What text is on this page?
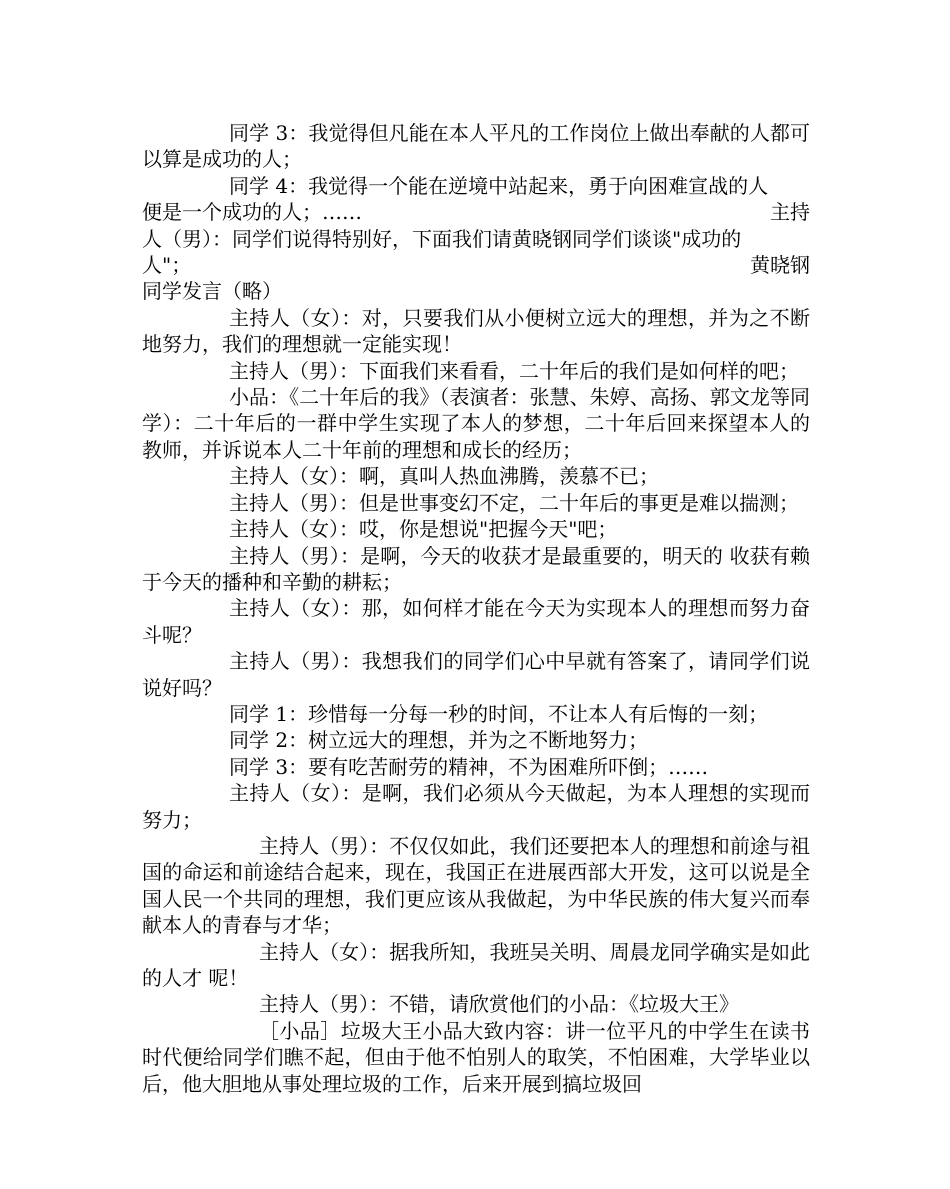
同学 3：我觉得但凡能在本人平凡的工作岗位上做出奉献的人都可以算是成功的人；

同学 4：我觉得一个能在逆境中站起来，勇于向困难宣战的人

便是一个成功的人；……	主持

人（男）：同学们说得特别好，下面我们请黄晓钢同学们谈谈"成功的

人"；	黄晓钢

同学发言（略）

主持人（女）：对，只要我们从小便树立远大的理想，并为之不断地努力，我们的理想就一定能实现！

主持人（男）：下面我们来看看，二十年后的我们是如何样的吧；

小品：《二十年后的我》（表演者：张慧、朱婷、高扬、郭文龙等同学）：二十年后的一群中学生实现了本人的梦想，二十年后回来探望本人的教师，并诉说本人二十年前的理想和成长的经历；

主持人（女）：啊，真叫人热血沸腾，羡慕不已；

主持人（男）：但是世事变幻不定，二十年后的事更是难以揣测；

主持人（女）：哎，你是想说"把握今天"吧；

主持人（男）：是啊，今天的收获才是最重要的，明天的 收获有赖于今天的播种和辛勤的耕耘；

主持人（女）：那，如何样才能在今天为实现本人的理想而努力奋斗呢？

主持人（男）：我想我们的同学们心中早就有答案了，请同学们说说好吗？

同学 1：珍惜每一分每一秒的时间，不让本人有后悔的一刻；

同学 2：树立远大的理想，并为之不断地努力；

同学 3：要有吃苦耐劳的精神，不为困难所吓倒；……

主持人（女）：是啊，我们必须从今天做起，为本人理想的实现而努力；

主持人（男）：不仅仅如此，我们还要把本人的理想和前途与祖国的命运和前途结合起来，现在，我国正在进展西部大开发，这可以说是全国人民一个共同的理想，我们更应该从我做起，为中华民族的伟大复兴而奉献本人的青春与才华；

主持人（女）：据我所知，我班吴关明、周晨龙同学确实是如此的人才 呢！

主持人（男）：不错，请欣赏他们的小品：《垃圾大王》

［小品］垃圾大王小品大致内容：讲一位平凡的中学生在读书时代便给同学们瞧不起，但由于他不怕别人的取笑，不怕困难，大学毕业以后，他大胆地从事处理垃圾的工作，后来开展到搞垃圾回
